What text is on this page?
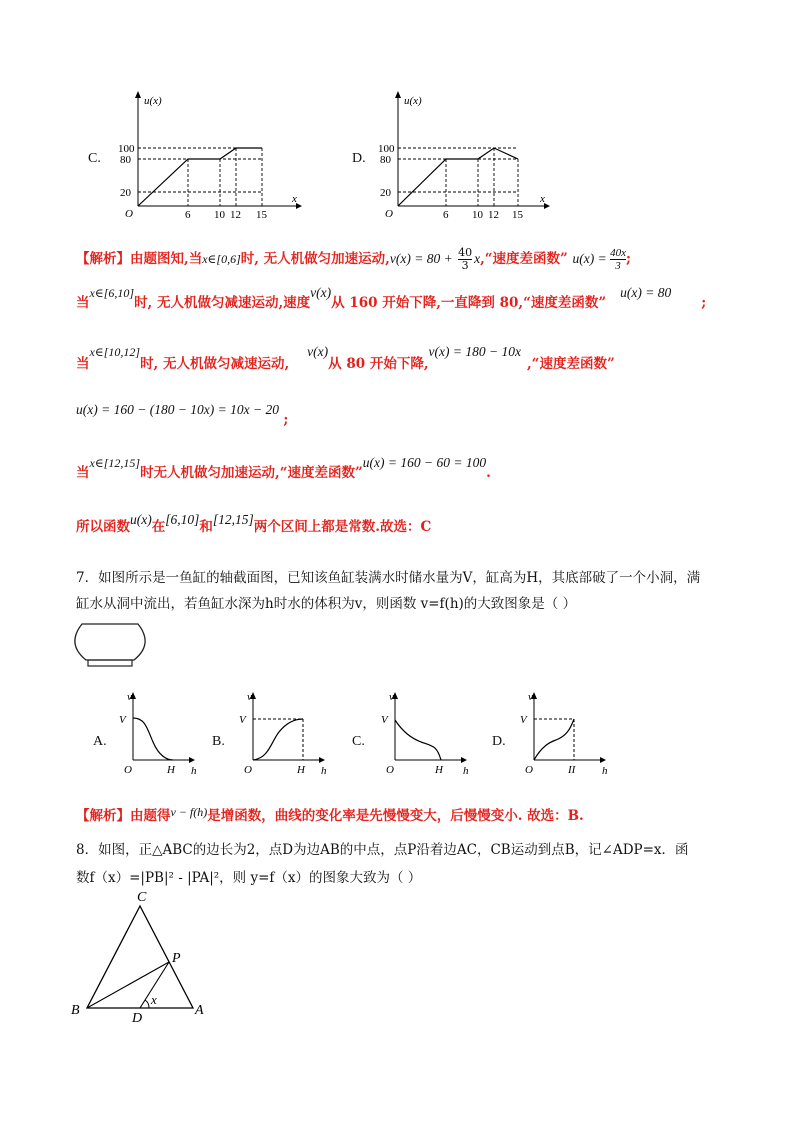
C.
u(x)
x
O
100
80
20
6 10 12 15
D.
u(x)
x
O
100
80
20
6 10 12 15
【解析】由题图知,当x∈[0,6]时, 无人机做匀加速运动$,v(x) = 80 + \frac{40}{3}$ x,“速度差函数” $u(x) = \frac{40x}{3}$ ;
当x∈[6,10]时, 无人机做匀减速运动,速度v(x)从 160 开始下降,一直降到 80,“速度差函数”u(x) = 80;
当x∈[10,12]时, 无人机做匀减速运动,v(x)从 80 开始下降,v(x) = 180 − 10x,“速度差函数”
u(x) = 160 − (180 − 10x) = 10x − 20 ;
当x∈[12,15]时无人机做匀加速运动,“速度差函数”u(x) = 160 − 60 = 100.
所以函数u(x)在[6,10]和[12,15]两个区间上都是常数.故选：C
7．如图所示是一鱼缸的轴截面图，已知该鱼缸装满水时储水量为V，缸高为H，其底部破了一个小洞，满
缸水从洞中流出，若鱼缸水深为h时水的体积为v，则函数 v=f(h)的大致图象是（ ）
A.
v
h
V
O	H
B.
v
h
V
O	H
C.
v
h
V
O	H
D.
v
h
V
O	II
【解析】由题得v − f(h)是增函数，曲线的变化率是先慢慢变大，后慢慢变小. 故选：B.
8．如图，正△ABC的边长为2，点D为边AB的中点，点P沿着边AC，CB运动到点B，记∠ADP=x．函
数f（x）=|PB|² - |PA|²，则 y=f（x）的图象大致为（ ）
C
P
B
D
A
x
